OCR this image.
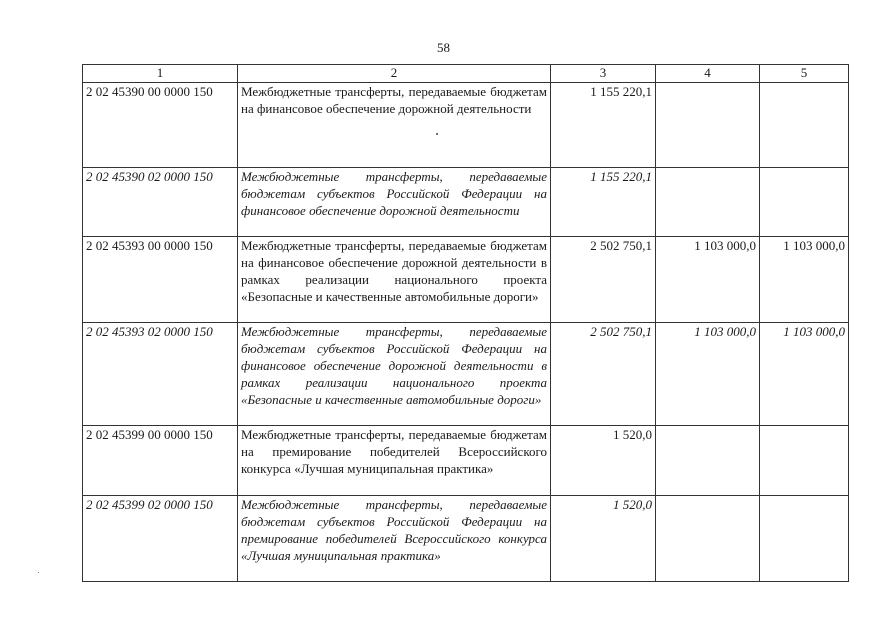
58
1	2	3	4	5
2 02 45390 00 0000 150	Межбюджетные трансферты, передаваемые бюджетам на финансовое обеспечение дорожной деятельности	1 155 220,1		
2 02 45390 02 0000 150	Межбюджетные трансферты, передаваемые бюджетам субъектов Российской Федерации на финансовое обеспечение дорожной деятельности	1 155 220,1		
2 02 45393 00 0000 150	Межбюджетные трансферты, передаваемые бюджетам на финансовое обеспечение дорожной деятельности в рамках реализации национального проекта «Безопасные и качественные автомобильные дороги»	2 502 750,1	1 103 000,0	1 103 000,0
2 02 45393 02 0000 150	Межбюджетные трансферты, передаваемые бюджетам субъектов Российской Федерации на финансовое обеспечение дорожной деятельности в рамках реализации национального проекта «Безопасные и качественные автомобильные дороги»	2 502 750,1	1 103 000,0	1 103 000,0
2 02 45399 00 0000 150	Межбюджетные трансферты, передаваемые бюджетам на премирование победителей Всероссийского конкурса «Лучшая муниципальная практика»	1 520,0		
2 02 45399 02 0000 150	Межбюджетные трансферты, передаваемые бюджетам субъектов Российской Федерации на премирование победителей Всероссийского конкурса «Лучшая муниципальная практика»	1 520,0		
